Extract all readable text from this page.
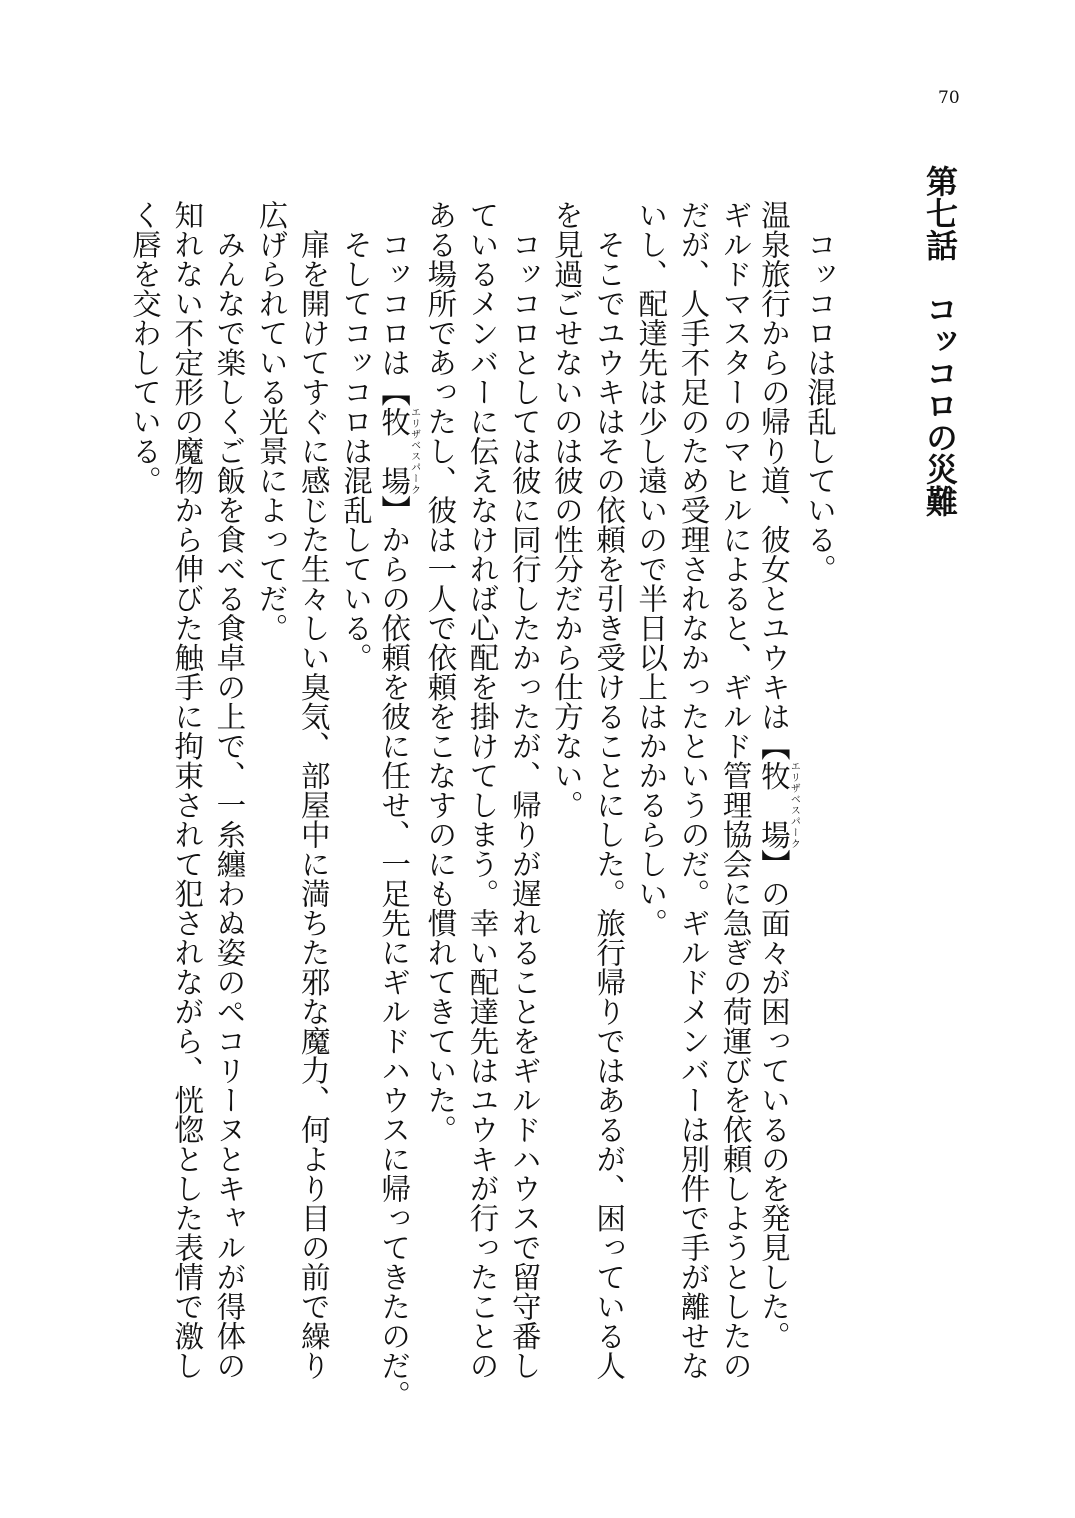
70
第七話　コッコロの災難

　コッコロは混乱している。

温泉旅行からの帰り道、彼女とユウキは【牧　場エリザベスパーク】の面々が困っているのを発見した。

ギルドマスターのマヒルによると、ギルド管理協会に急ぎの荷運びを依頼しようとしたの

だが、人手不足のため受理されなかったというのだ。ギルドメンバーは別件で手が離せな

いし、配達先は少し遠いので半日以上はかかるらしい。

　そこでユウキはその依頼を引き受けることにした。旅行帰りではあるが、困っている人

を見過ごせないのは彼の性分だから仕方ない。

　コッコロとしては彼に同行したかったが、帰りが遅れることをギルドハウスで留守番し

ているメンバーに伝えなければ心配を掛けてしまう。幸い配達先はユウキが行ったことの

ある場所であったし、彼は一人で依頼をこなすのにも慣れてきていた。

　コッコロは【牧　場エリザベスパーク】からの依頼を彼に任せ、一足先にギルドハウスに帰ってきたのだ。

　そしてコッコロは混乱している。

　扉を開けてすぐに感じた生々しい臭気、部屋中に満ちた邪な魔力、何より目の前で繰り

広げられている光景によってだ。

　みんなで楽しくご飯を食べる食卓の上で、一糸纏わぬ姿のペコリーヌとキャルが得体の

知れない不定形の魔物から伸びた触手に拘束されて犯されながら、恍惚とした表情で激し

く唇を交わしている。
